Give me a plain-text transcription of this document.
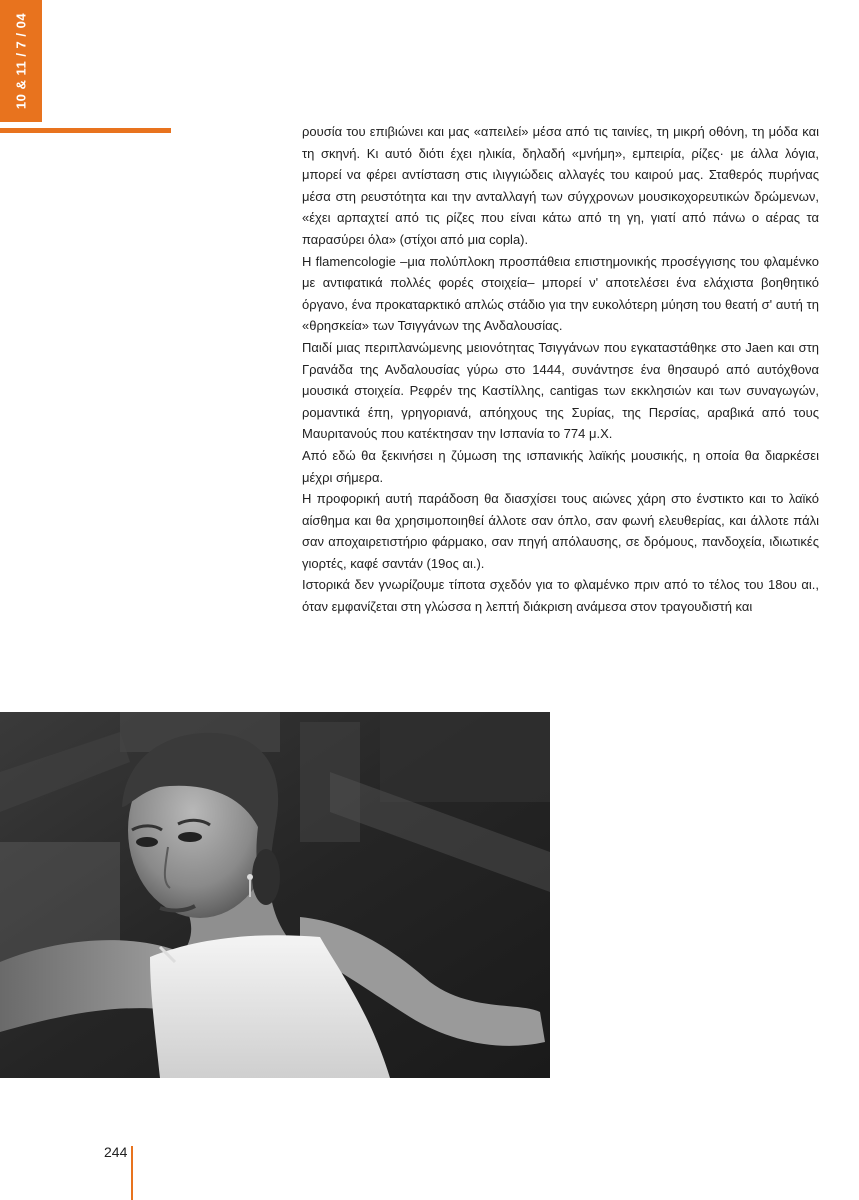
10 & 11 / 7 / 04

ρουσία του επιβιώνει και μας «απειλεί» μέσα από τις ταινίες, τη μικρή οθόνη, τη μόδα και τη σκηνή. Κι αυτό διότι έχει ηλικία, δηλαδή «μνήμη», εμπειρία, ρίζες· με άλλα λόγια, μπορεί να φέρει αντίσταση στις ιλιγγιώδεις αλλαγές του καιρού μας. Σταθερός πυρήνας μέσα στη ρευστότητα και την ανταλλαγή των σύγχρονων μουσικοχορευτικών δρώμενων, «έχει αρπαχτεί από τις ρίζες που είναι κάτω από τη γη, γιατί από πάνω ο αέρας τα παρασύρει όλα» (στίχοι από μια copla).

Η flamencologie –μια πολύπλοκη προσπάθεια επιστημονικής προσέγγισης του φλαμένκο με αντιφατικά πολλές φορές στοιχεία– μπορεί ν' αποτελέσει ένα ελάχιστα βοηθητικό όργανο, ένα προκαταρκτικό απλώς στάδιο για την ευκολότερη μύηση του θεατή σ' αυτή τη «θρησκεία» των Τσιγγάνων της Ανδαλουσίας.

Παιδί μιας περιπλανώμενης μειονότητας Τσιγγάνων που εγκαταστάθηκε στο Jaen και στη Γρανάδα της Ανδαλουσίας γύρω στο 1444, συνάντησε ένα θησαυρό από αυτόχθονα μουσικά στοιχεία. Ρεφρέν της Καστίλλης, cantigas των εκκλησιών και των συναγωγών, ρομαντικά έπη, γρηγοριανά, απόηχους της Συρίας, της Περσίας, αραβικά από τους Μαυριτανούς που κατέκτησαν την Ισπανία το 774 μ.Χ.

Από εδώ θα ξεκινήσει η ζύμωση της ισπανικής λαϊκής μουσικής, η οποία θα διαρκέσει μέχρι σήμερα.

Η προφορική αυτή παράδοση θα διασχίσει τους αιώνες χάρη στο ένστικτο και το λαϊκό αίσθημα και θα χρησιμοποιηθεί άλλοτε σαν όπλο, σαν φωνή ελευθερίας, και άλλοτε πάλι σαν αποχαιρετιστήριο φάρμακο, σαν πηγή απόλαυσης, σε δρόμους, πανδοχεία, ιδιωτικές γιορτές, καφέ σαντάν (19ος αι.).

Ιστορικά δεν γνωρίζουμε τίποτα σχεδόν για το φλαμένκο πριν από το τέλος του 18ου αι., όταν εμφανίζεται στη γλώσσα η λεπτή διάκριση ανάμεσα στον τραγουδιστή και

244
